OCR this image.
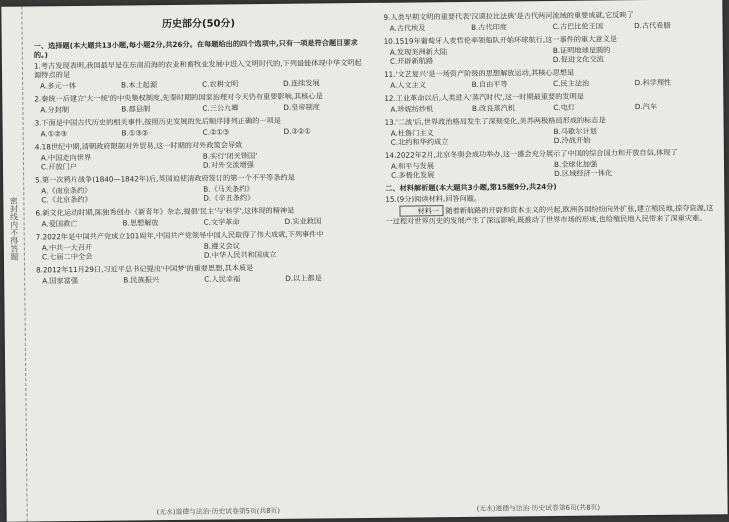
密封线内不得答题
历史部分(50分)
一、选择题(本大题共13小题,每小题2分,共26分。在每题给出的四个选项中,只有一项是符合题目要求的。)
1.考古发现表明,我国最早是在东南沿海的农业和畜牧业发展中进入文明时代的,下列最能体现中华文明起源特点的是
A.多元一体	B.本土起源	C.农耕文明	D.连续发展
2.秦统一后建立'大一统'的中央集权制度,先秦时期的国家治理对今天仍有重要影响,其核心是
A.分封制	B.郡县制	C.三公九卿	D.皇帝制度
3.下面是中国古代历史的相关事件,按照历史发展的先后顺序排列正确的一项是
A.①②③	B.①③②	C.②①③	D.③②①
4.18世纪中期,清朝政府限制对外贸易,这一时期的对外政策会导致
A.中国走向世界	B.实行'闭关锁国'
C.开放门户	D.对外交流增强
5.第一次鸦片战争(1840—1842年)后,英国迫使清政府签订的第一个不平等条约是
A.《南京条约》	B.《马关条约》
C.《北京条约》	D.《辛丑条约》
6.新文化运动时期,陈独秀创办《新青年》杂志,提倡'民主'与'科学',这体现的精神是
A.爱国救亡	B.思想解放	C.文学革命	D.实业救国
7.2022年是中国共产党成立101周年,中国共产党领导中国人民取得了伟大成就,下列事件中
A.中共一大召开	B.遵义会议
C.七届二中全会	D.中华人民共和国成立
8.2012年11月29日,习近平总书记提出'中国梦'的重要思想,其本质是
A.国家富强	B.民族振兴	C.人民幸福	D.以上都是
9.人类早期文明的重要代表'汉谟拉比法典'是古代两河流域的重要成就,它反映了
A.古代埃及	B.古代印度	C.古巴比伦王国	D.古代希腊
10.1519年葡萄牙人麦哲伦率领船队开始环球航行,这一事件的重大意义是
A.发现美洲新大陆	B.证明地球是圆的
C.开辟新航路	D.促进文化交流
11.'文艺复兴'是一场资产阶级的思想解放运动,其核心思想是
A.人文主义	B.自由平等	C.民主法治	D.科学理性
12.工业革命以后,人类进入'蒸汽时代',这一时期最重要的发明是
A.珍妮纺纱机	B.改良蒸汽机	C.电灯	D.汽车
13.'二战'后,世界政治格局发生了深刻变化,美苏两极格局形成的标志是
A.杜鲁门主义	B.马歇尔计划
C.北约和华约成立	D.冷战开始
14.2022年2月,北京冬奥会成功举办,这一盛会充分展示了中国的综合国力和开放自信,体现了
A.和平与发展	B.全球化加强
C.多极化发展	D.区域经济一体化
二、材料解析题(本大题共3小题,第15题9分,共24分)
15.(9分)阅读材料,回答问题。
材料一 随着新航路的开辟和资本主义的兴起,欧洲各国纷纷向外扩张,建立殖民地,掠夺资源,这一过程对世界历史的发展产生了深远影响,既推动了世界市场的形成,也给殖民地人民带来了深重灾难。
(无水)道德与法治·历史试卷第5页(共8页)	(无水)道德与法治·历史试卷第6页(共8页)
